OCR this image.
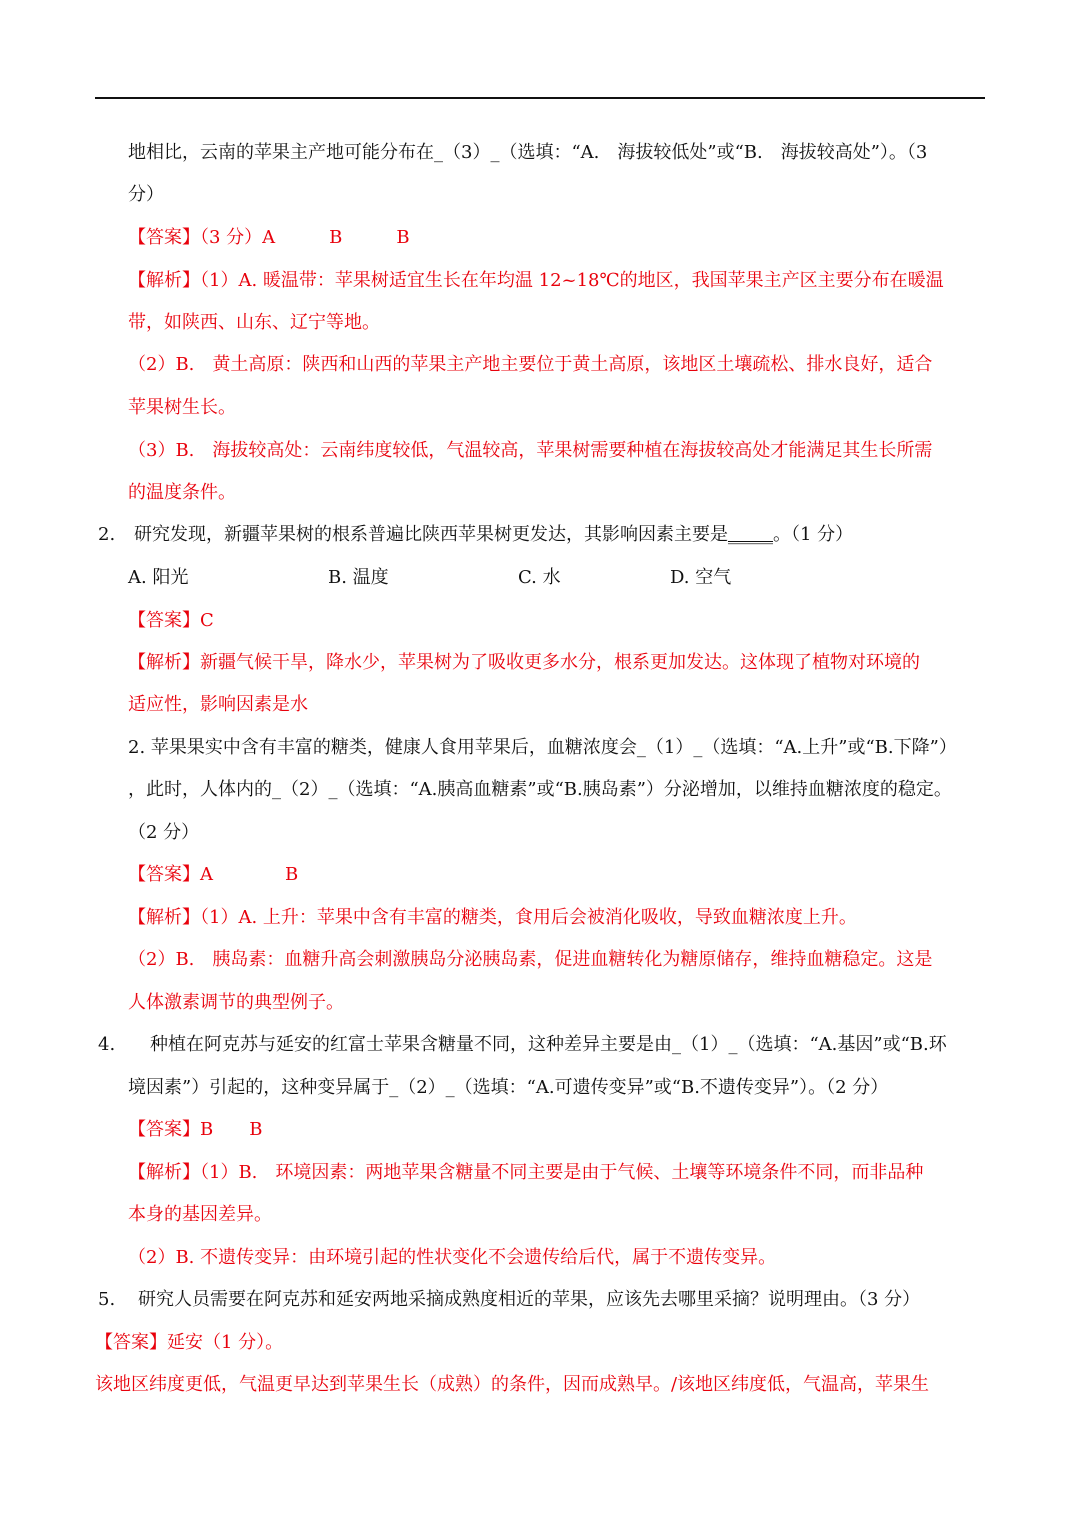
地相比，云南的苹果主产地可能分布在_（3）_（选填：“A.　海拔较低处”或“B.　海拔较高处”）。（3
分）
【答案】（3 分）A　　　B　　　B
【解析】（1）A. 暖温带：苹果树适宜生长在年均温 12~18℃的地区，我国苹果主产区主要分布在暖温
带，如陕西、山东、辽宁等地。
（2）B.　黄土高原：陕西和山西的苹果主产地主要位于黄土高原，该地区土壤疏松、排水良好，适合
苹果树生长。
（3）B.　海拔较高处：云南纬度较低，气温较高，苹果树需要种植在海拔较高处才能满足其生长所需
的温度条件。
2. 研究发现，新疆苹果树的根系普遍比陕西苹果树更发达，其影响因素主要是_____。（1 分）
A. 阳光	B. 温度	C. 水	D. 空气
【答案】C
【解析】新疆气候干旱，降水少，苹果树为了吸收更多水分，根系更加发达。这体现了植物对环境的
适应性，影响因素是水
2. 苹果果实中含有丰富的糖类，健康人食用苹果后，血糖浓度会_（1）_（选填：“A.上升”或“B.下降”）
，此时，人体内的_（2）_（选填：“A.胰高血糖素”或“B.胰岛素”）分泌增加，以维持血糖浓度的稳定。
（2 分）
【答案】A　　　　B
【解析】（1）A. 上升：苹果中含有丰富的糖类，食用后会被消化吸收，导致血糖浓度上升。
（2）B.　胰岛素：血糖升高会刺激胰岛分泌胰岛素，促进血糖转化为糖原储存，维持血糖稳定。这是
人体激素调节的典型例子。
4. 种植在阿克苏与延安的红富士苹果含糖量不同，这种差异主要是由_（1）_（选填：“A.基因”或“B.环
境因素”）引起的，这种变异属于_（2）_（选填：“A.可遗传变异”或“B.不遗传变异”）。（2 分）
【答案】B　　B
【解析】（1）B.　环境因素：两地苹果含糖量不同主要是由于气候、土壤等环境条件不同，而非品种
本身的基因差异。
（2）B. 不遗传变异：由环境引起的性状变化不会遗传给后代，属于不遗传变异。
5. 研究人员需要在阿克苏和延安两地采摘成熟度相近的苹果，应该先去哪里采摘？说明理由。（3 分）
【答案】延安（1 分）。
该地区纬度更低，气温更早达到苹果生长（成熟）的条件，因而成熟早。/该地区纬度低，气温高，苹果生
